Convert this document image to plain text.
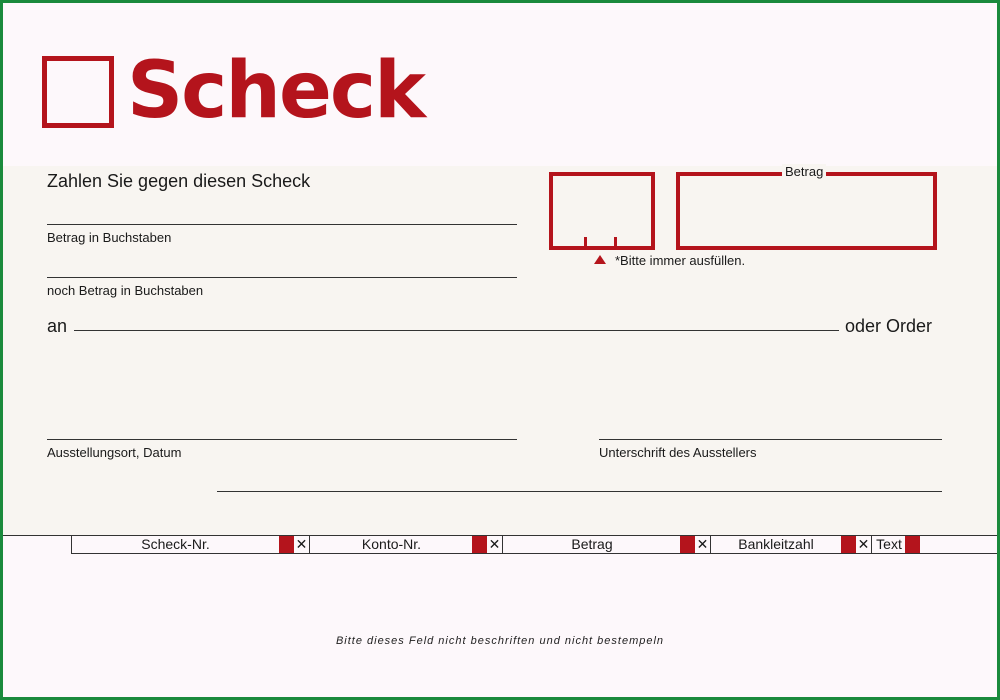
Scheck
Zahlen Sie gegen diesen Scheck
Betrag in Buchstaben
noch Betrag in Buchstaben
an	oder Order
Betrag
*Bitte immer ausfüllen.
Ausstellungsort, Datum	Unterschrift des Ausstellers
Scheck-Nr.	✕	Konto-Nr.	✕	Betrag	✕	Bankleitzahl	✕ Text
Bitte dieses Feld nicht beschriften und nicht bestempeln
